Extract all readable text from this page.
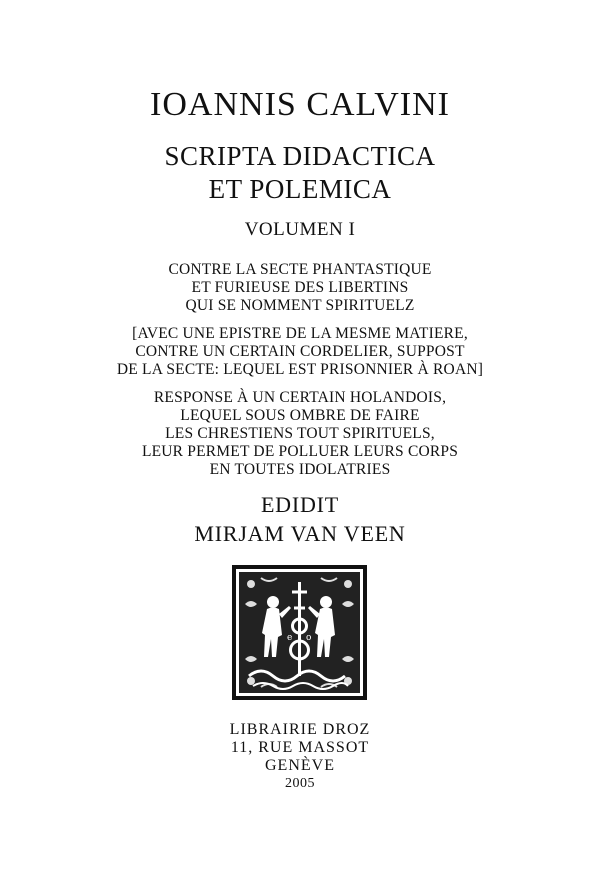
IOANNIS CALVINI
SCRIPTA DIDACTICA
ET POLEMICA
VOLUMEN I
CONTRE LA SECTE PHANTASTIQUE
ET FURIEUSE DES LIBERTINS
QUI SE NOMMENT SPIRITUELZ
[AVEC UNE EPISTRE DE LA MESME MATIERE,
CONTRE UN CERTAIN CORDELIER, SUPPOST
DE LA SECTE: LEQUEL EST PRISONNIER À ROAN]
RESPONSE À UN CERTAIN HOLANDOIS,
LEQUEL SOUS OMBRE DE FAIRE
LES CHRESTIENS TOUT SPIRITUELS,
LEUR PERMET DE POLLUER LEURS CORPS
EN TOUTES IDOLATRIES
EDIDIT
MIRJAM VAN VEEN
e o
LIBRAIRIE DROZ
11, RUE MASSOT
GENÈVE
2005
